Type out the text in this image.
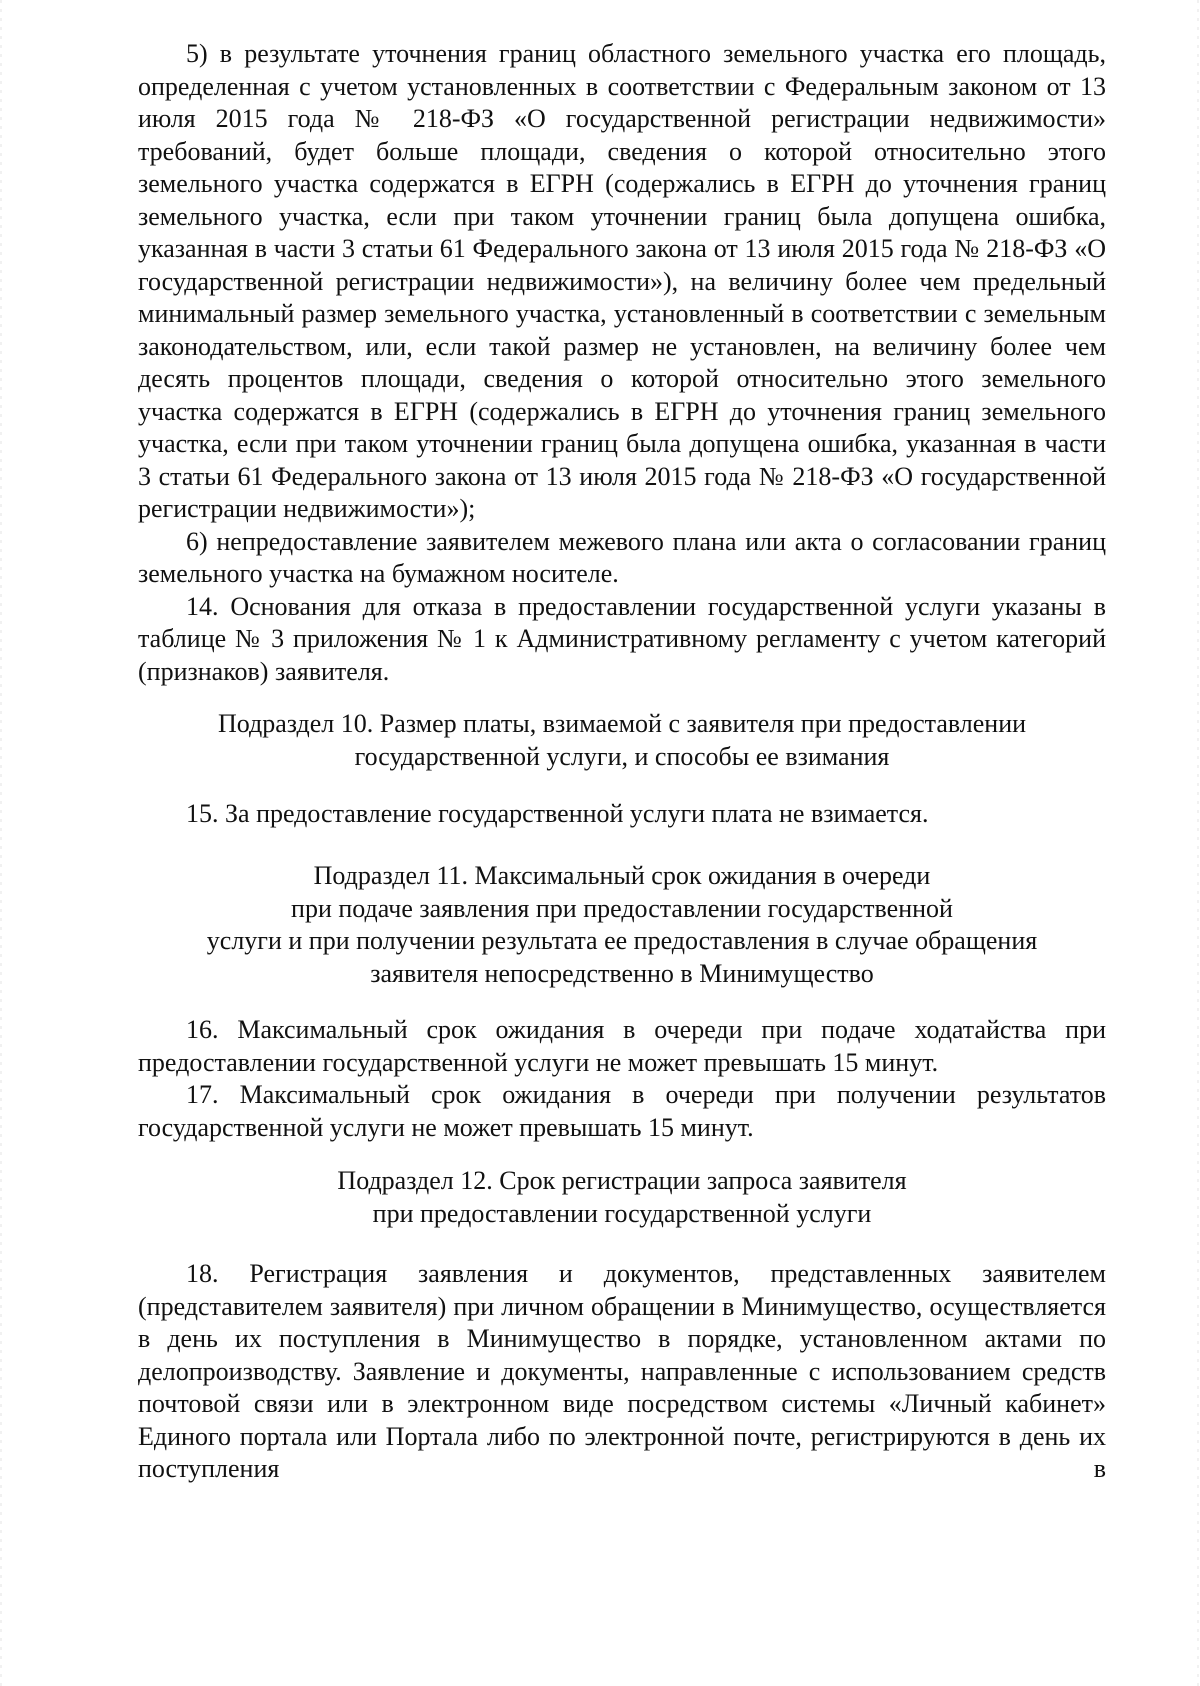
5) в результате уточнения границ областного земельного участка его площадь, определенная с учетом установленных в соответствии с Федеральным законом от 13 июля 2015 года № 218-ФЗ «О государственной регистрации недвижимости» требований, будет больше площади, сведения о которой относительно этого земельного участка содержатся в ЕГРН (содержались в ЕГРН до уточнения границ земельного участка, если при таком уточнении границ была допущена ошибка, указанная в части 3 статьи 61 Федерального закона от 13 июля 2015 года № 218-ФЗ «О государственной регистрации недвижимости»), на величину более чем предельный минимальный размер земельного участка, установленный в соответствии с земельным законодательством, или, если такой размер не установлен, на величину более чем десять процентов площади, сведения о которой относительно этого земельного участка содержатся в ЕГРН (содержались в ЕГРН до уточнения границ земельного участка, если при таком уточнении границ была допущена ошибка, указанная в части 3 статьи 61 Федерального закона от 13 июля 2015 года № 218-ФЗ «О государственной регистрации недвижимости»);

6) непредоставление заявителем межевого плана или акта о согласовании границ земельного участка на бумажном носителе.

14. Основания для отказа в предоставлении государственной услуги указаны в таблице № 3 приложения № 1 к Административному регламенту с учетом категорий (признаков) заявителя.

Подраздел 10. Размер платы, взимаемой с заявителя при предоставлении
государственной услуги, и способы ее взимания

15. За предоставление государственной услуги плата не взимается.

Подраздел 11. Максимальный срок ожидания в очереди
при подаче заявления при предоставлении государственной
услуги и при получении результата ее предоставления в случае обращения
заявителя непосредственно в Минимущество

16. Максимальный срок ожидания в очереди при подаче ходатайства при предоставлении государственной услуги не может превышать 15 минут.

17. Максимальный срок ожидания в очереди при получении результатов государственной услуги не может превышать 15 минут.

Подраздел 12. Срок регистрации запроса заявителя
при предоставлении государственной услуги

18. Регистрация заявления и документов, представленных заявителем (представителем заявителя) при личном обращении в Минимущество, осуществляется в день их поступления в Минимущество в порядке, установленном актами по делопроизводству. Заявление и документы, направленные с использованием средств почтовой связи или в электронном виде посредством системы «Личный кабинет» Единого портала или Портала либо по электронной почте, регистрируются в день их поступления в
